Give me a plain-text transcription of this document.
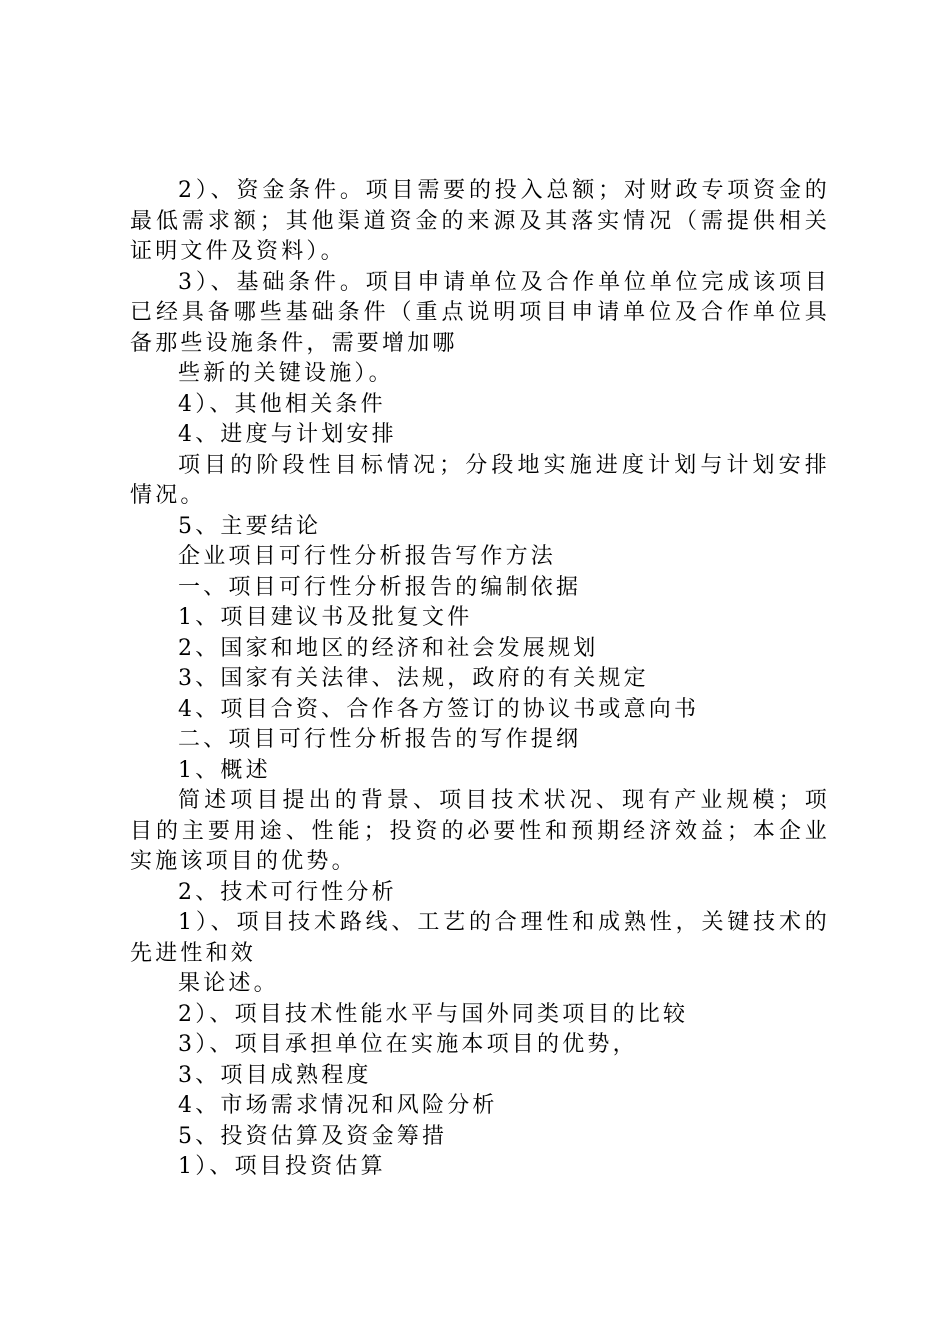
2）、资金条件。项目需要的投入总额；对财政专项资金的最低需求额；其他渠道资金的来源及其落实情况（需提供相关证明文件及资料）。

3）、基础条件。项目申请单位及合作单位单位完成该项目已经具备哪些基础条件（重点说明项目申请单位及合作单位具备那些设施条件，需要增加哪

些新的关键设施）。

4）、其他相关条件

4、进度与计划安排

项目的阶段性目标情况；分段地实施进度计划与计划安排情况。

5、主要结论

企业项目可行性分析报告写作方法

一、项目可行性分析报告的编制依据

1、项目建议书及批复文件

2、国家和地区的经济和社会发展规划

3、国家有关法律、法规，政府的有关规定

4、项目合资、合作各方签订的协议书或意向书

二、项目可行性分析报告的写作提纲

1、概述

简述项目提出的背景、项目技术状况、现有产业规模；项目的主要用途、性能；投资的必要性和预期经济效益；本企业实施该项目的优势。

2、技术可行性分析

1）、项目技术路线、工艺的合理性和成熟性，关键技术的先进性和效

果论述。

2）、项目技术性能水平与国外同类项目的比较

3）、项目承担单位在实施本项目的优势，

3、项目成熟程度

4、市场需求情况和风险分析

5、投资估算及资金筹措

1）、项目投资估算
